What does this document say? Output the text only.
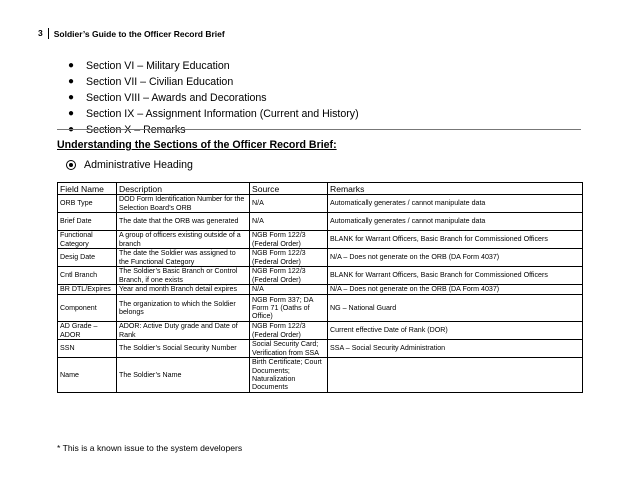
3	Soldier’s Guide to the Officer Record Brief
●	Section VI – Military Education
●	Section VII – Civilian Education
●	Section VIII – Awards and Decorations
●	Section IX – Assignment Information (Current and History)
●	Section X – Remarks
Understanding the Sections of the Officer Record Brief:
Administrative Heading
Field Name	Description	Source	Remarks
ORB Type	DOD Form Identification Number for the Selection Board’s ORB	N/A	Automatically generates / cannot manipulate data
Brief Date	The date that the ORB was generated	N/A	Automatically generates / cannot manipulate data
Functional Category	A group of officers existing outside of a branch	NGB Form 122/3 (Federal Order)	BLANK for Warrant Officers, Basic Branch for Commissioned Officers
Desig Date	The date the Soldier was assigned to the Functional Category	NGB Form 122/3 (Federal Order)	N/A – Does not generate on the ORB (DA Form 4037)
Cntl Branch	The Soldier’s Basic Branch or Control Branch, if one exists	NGB Form 122/3 (Federal Order)	BLANK for Warrant Officers, Basic Branch for Commissioned Officers
BR DTL/Expires	Year and month Branch detail expires	N/A	N/A – Does not generate on the ORB (DA Form 4037)
Component	The organization to which the Soldier belongs	NGB Form 337; DA Form 71 (Oaths of Office)	NG – National Guard
AD Grade – ADOR	ADOR: Active Duty grade and Date of Rank	NGB Form 122/3 (Federal Order)	Current effective Date of Rank (DOR)
SSN	The Soldier’s Social Security Number	Social Security Card; Verification from SSA	SSA – Social Security Administration
Name	The Soldier’s Name	Birth Certificate; Court Documents; Naturalization Documents	
* This is a known issue to the system developers
